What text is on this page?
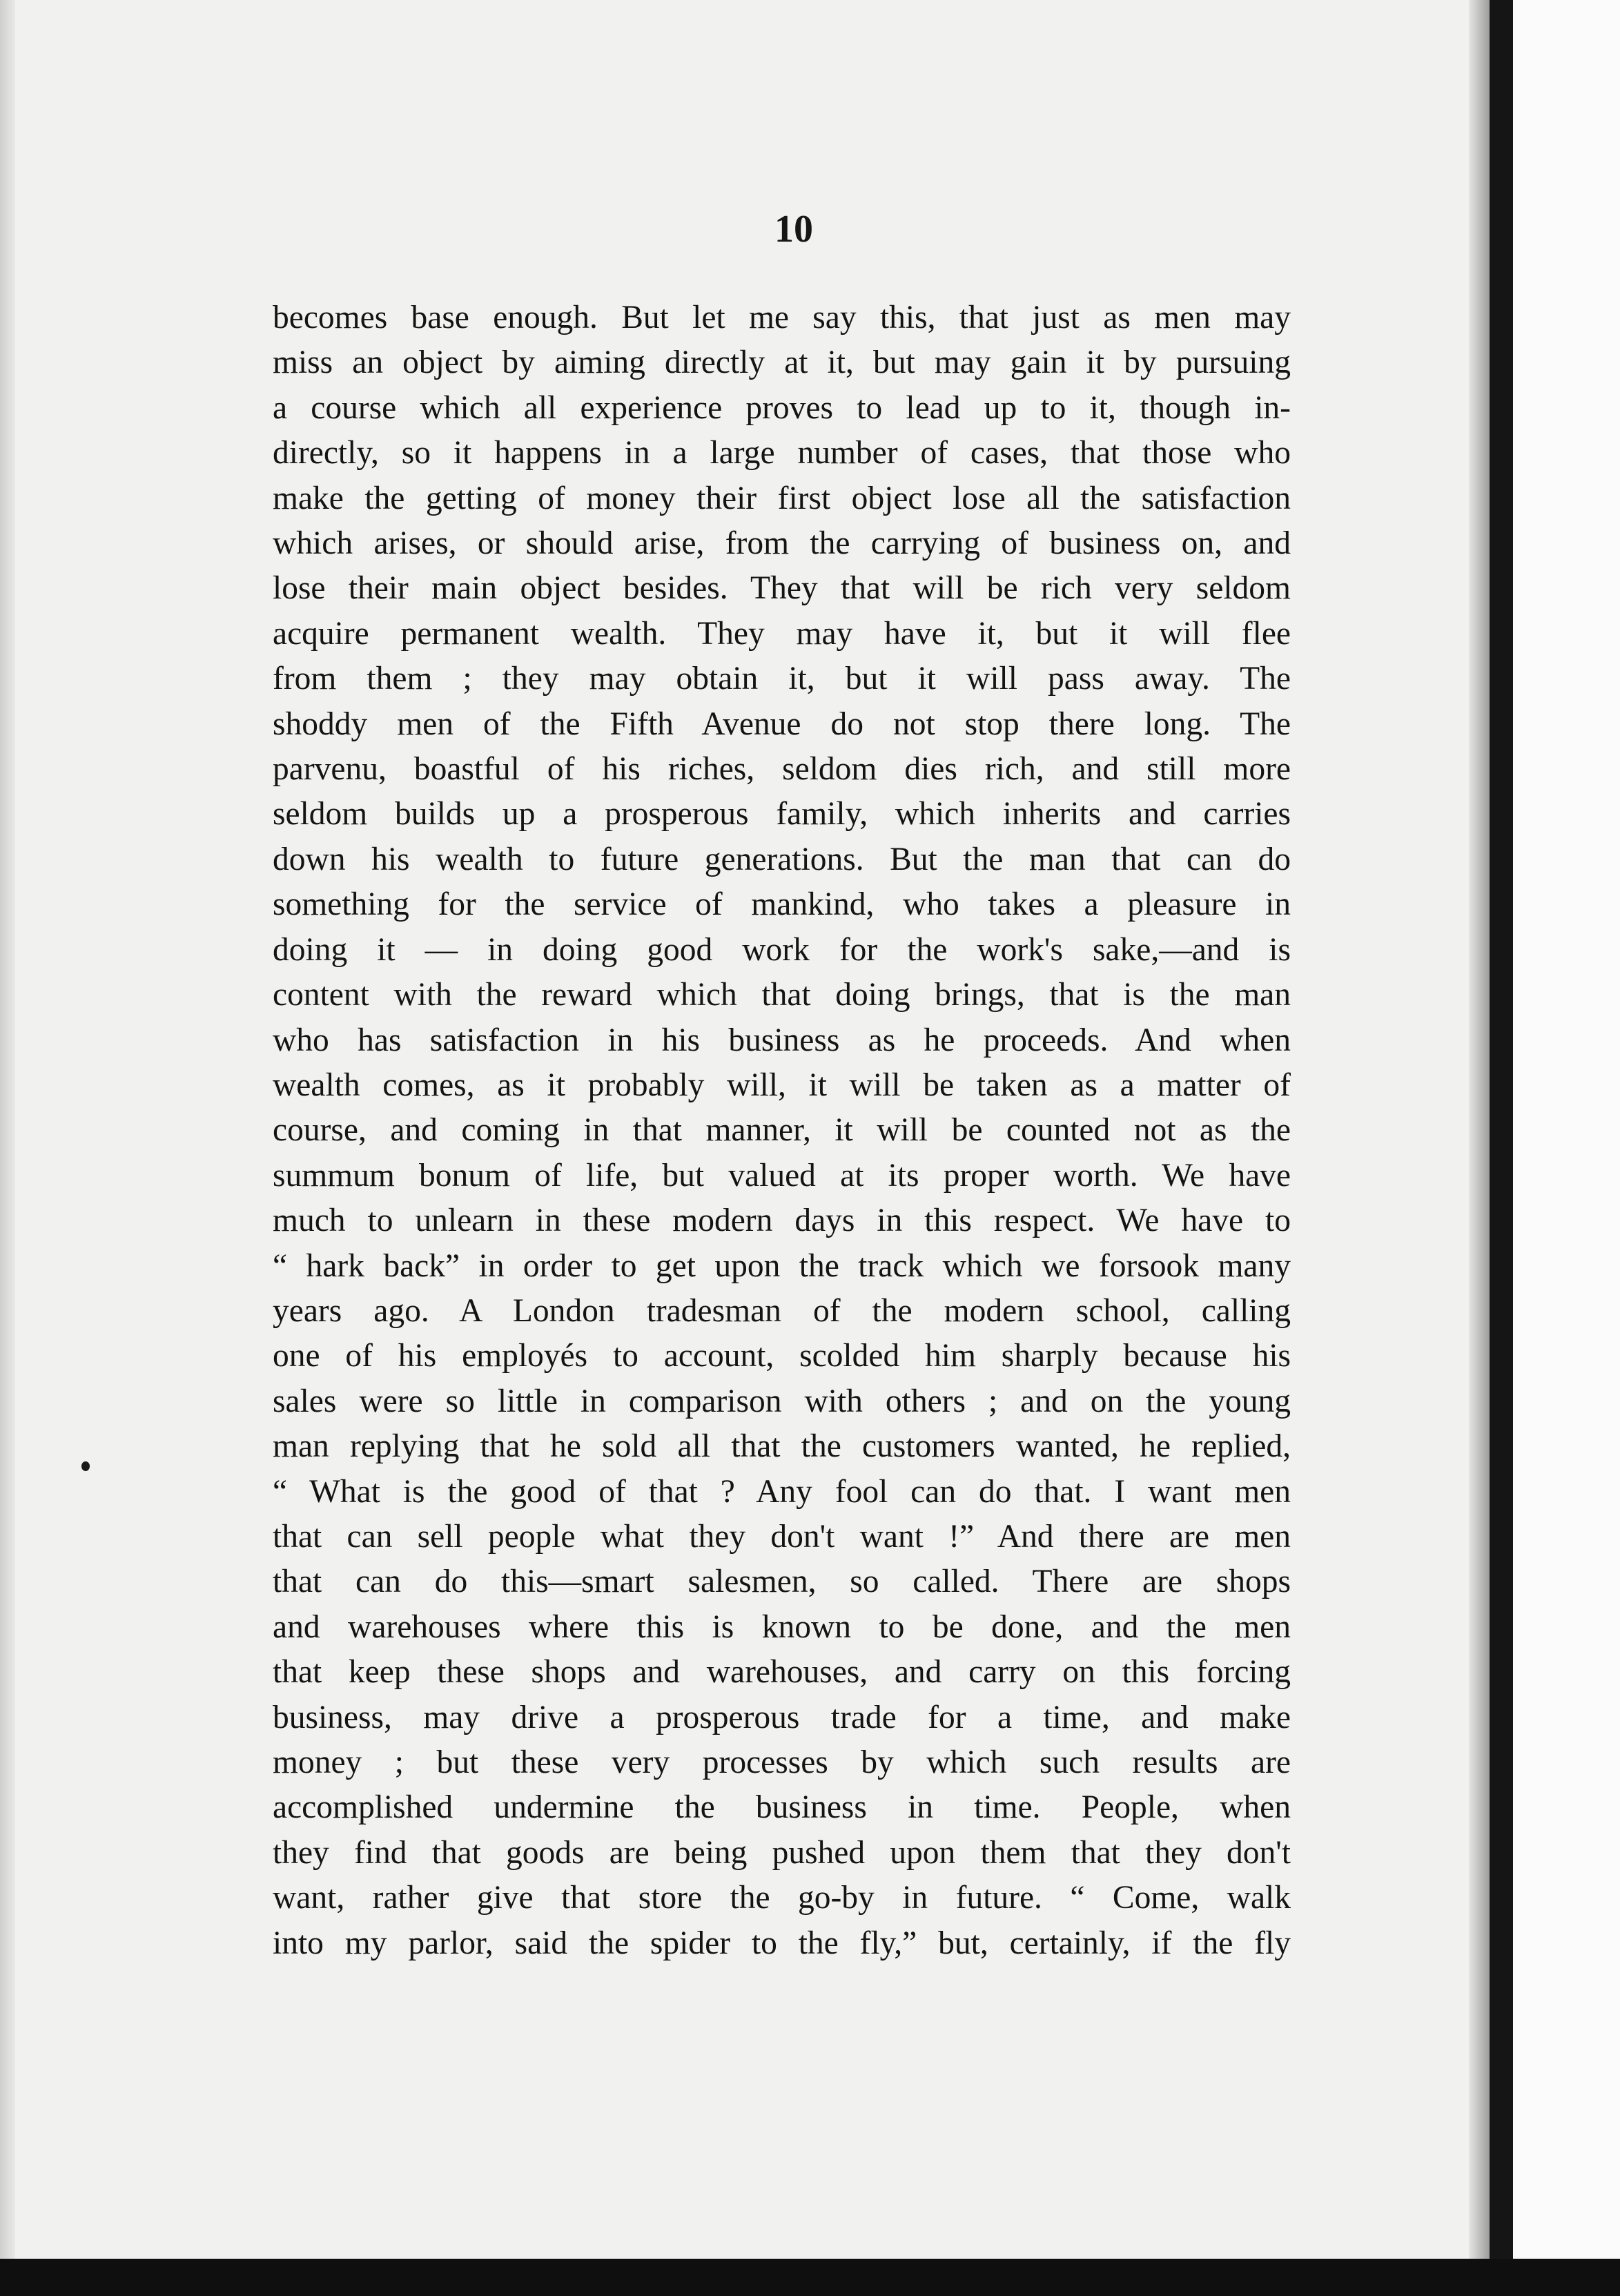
10
becomes base enough. But let me say this, that just as men may
miss an object by aiming directly at it, but may gain it by pursuing
a course which all experience proves to lead up to it, though in-
directly, so it happens in a large number of cases, that those who
make the getting of money their first object lose all the satisfaction
which arises, or should arise, from the carrying of business on, and
lose their main object besides. They that will be rich very seldom
acquire permanent wealth. They may have it, but it will flee
from them ; they may obtain it, but it will pass away. The
shoddy men of the Fifth Avenue do not stop there long. The
parvenu, boastful of his riches, seldom dies rich, and still more
seldom builds up a prosperous family, which inherits and carries
down his wealth to future generations. But the man that can do
something for the service of mankind, who takes a pleasure in
doing it — in doing good work for the work's sake,—and is
content with the reward which that doing brings, that is the man
who has satisfaction in his business as he proceeds. And when
wealth comes, as it probably will, it will be taken as a matter of
course, and coming in that manner, it will be counted not as the
summum bonum of life, but valued at its proper worth. We have
much to unlearn in these modern days in this respect. We have to
“ hark back” in order to get upon the track which we forsook many
years ago. A London tradesman of the modern school, calling
one of his employés to account, scolded him sharply because his
sales were so little in comparison with others ; and on the young
man replying that he sold all that the customers wanted, he replied,
“ What is the good of that ? Any fool can do that. I want men
that can sell people what they don't want !” And there are men
that can do this—smart salesmen, so called. There are shops
and warehouses where this is known to be done, and the men
that keep these shops and warehouses, and carry on this forcing
business, may drive a prosperous trade for a time, and make
money ; but these very processes by which such results are
accomplished undermine the business in time. People, when
they find that goods are being pushed upon them that they don't
want, rather give that store the go-by in future. “ Come, walk
into my parlor, said the spider to the fly,” but, certainly, if the fly
